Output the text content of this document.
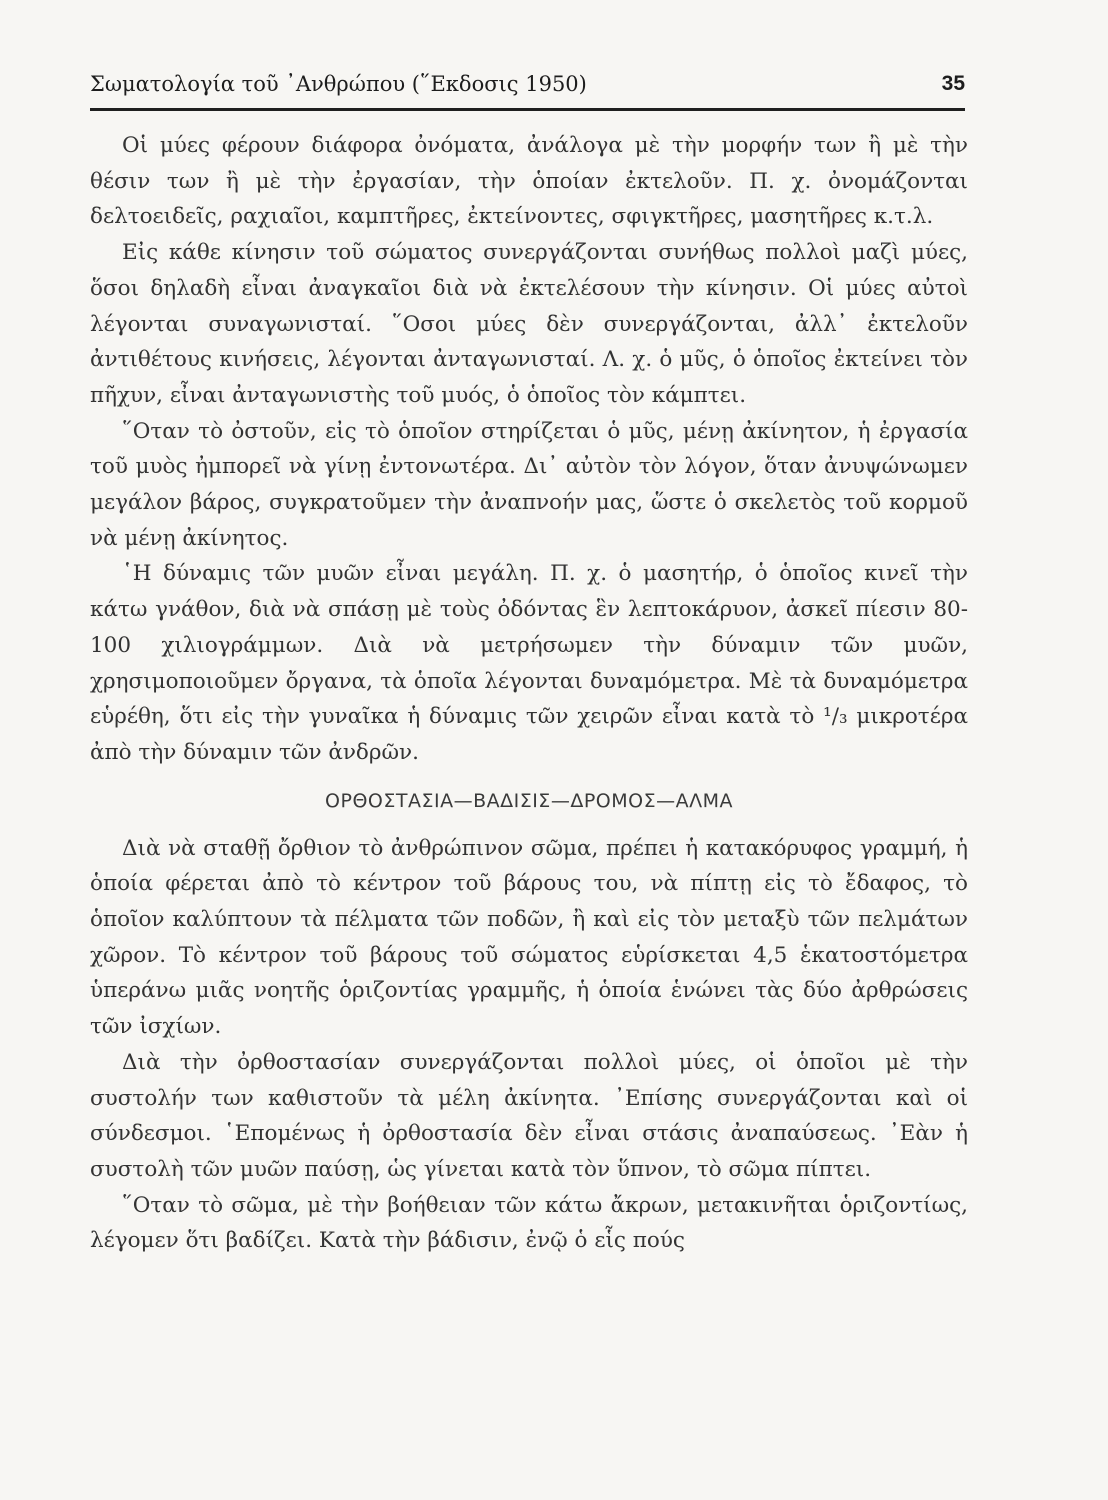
Σωματολογία τοῦ ᾿Ανθρώπου (῞Εκδοσις 1950)	35

Οἱ μύες φέρουν διάφορα ὀνόματα, ἀνάλογα μὲ τὴν μορφήν των ἢ μὲ τὴν θέσιν των ἢ μὲ τὴν ἐργασίαν, τὴν ὁποίαν ἐκτελοῦν. Π. χ. ὀνομάζονται δελτοειδεῖς, ραχιαῖοι, καμπτῆρες, ἐκτείνοντες, σφιγκτῆρες, μασητῆρες κ.τ.λ.

Εἰς κάθε κίνησιν τοῦ σώματος συνεργάζονται συνήθως πολλοὶ μαζὶ μύες, ὅσοι δηλαδὴ εἶναι ἀναγκαῖοι διὰ νὰ ἐκτελέσουν τὴν κίνησιν. Οἱ μύες αὐτοὶ λέγονται συναγωνισταί. ῞Οσοι μύες δὲν συνεργάζονται, ἀλλ᾿ ἐκτελοῦν ἀντιθέτους κινήσεις, λέγονται ἀνταγωνισταί. Λ. χ. ὁ μῦς, ὁ ὁποῖος ἐκτείνει τὸν πῆχυν, εἶναι ἀνταγωνιστὴς τοῦ μυός, ὁ ὁποῖος τὸν κάμπτει.

῞Οταν τὸ ὀστοῦν, εἰς τὸ ὁποῖον στηρίζεται ὁ μῦς, μένῃ ἀκίνητον, ἡ ἐργασία τοῦ μυὸς ἠμπορεῖ νὰ γίνῃ ἐντονωτέρα. Δι᾿ αὐτὸν τὸν λόγον, ὅταν ἀνυψώνωμεν μεγάλον βάρος, συγκρατοῦμεν τὴν ἀναπνοήν μας, ὥστε ὁ σκελετὸς τοῦ κορμοῦ νὰ μένῃ ἀκίνητος.

῾Η δύναμις τῶν μυῶν εἶναι μεγάλη. Π. χ. ὁ μασητήρ, ὁ ὁποῖος κινεῖ τὴν κάτω γνάθον, διὰ νὰ σπάσῃ μὲ τοὺς ὀδόντας ἓν λεπτοκάρυον, ἀσκεῖ πίεσιν 80-100 χιλιογράμμων. Διὰ νὰ μετρήσωμεν τὴν δύναμιν τῶν μυῶν, χρησιμοποιοῦμεν ὄργανα, τὰ ὁποῖα λέγονται δυναμόμετρα. Μὲ τὰ δυναμόμετρα εὑρέθη, ὅτι εἰς τὴν γυναῖκα ἡ δύναμις τῶν χειρῶν εἶναι κατὰ τὸ ¹/₃ μικροτέρα ἀπὸ τὴν δύναμιν τῶν ἀνδρῶν.

ΟΡΘΟΣΤΑΣΙΑ—ΒΑΔΙΣΙΣ—ΔΡΟΜΟΣ—ΑΛΜΑ

Διὰ νὰ σταθῇ ὄρθιον τὸ ἀνθρώπινον σῶμα, πρέπει ἡ κατακόρυφος γραμμή, ἡ ὁποία φέρεται ἀπὸ τὸ κέντρον τοῦ βάρους του, νὰ πίπτῃ εἰς τὸ ἔδαφος, τὸ ὁποῖον καλύπτουν τὰ πέλματα τῶν ποδῶν, ἢ καὶ εἰς τὸν μεταξὺ τῶν πελμάτων χῶρον. Τὸ κέντρον τοῦ βάρους τοῦ σώματος εὑρίσκεται 4,5 ἑκατοστόμετρα ὑπεράνω μιᾶς νοητῆς ὁριζοντίας γραμμῆς, ἡ ὁποία ἑνώνει τὰς δύο ἀρθρώσεις τῶν ἰσχίων.

Διὰ τὴν ὀρθοστασίαν συνεργάζονται πολλοὶ μύες, οἱ ὁποῖοι μὲ τὴν συστολήν των καθιστοῦν τὰ μέλη ἀκίνητα. ᾿Επίσης συνεργάζονται καὶ οἱ σύνδεσμοι. ῾Επομένως ἡ ὀρθοστασία δὲν εἶναι στάσις ἀναπαύσεως. ᾿Εὰν ἡ συστολὴ τῶν μυῶν παύσῃ, ὡς γίνεται κατὰ τὸν ὕπνον, τὸ σῶμα πίπτει.

῞Οταν τὸ σῶμα, μὲ τὴν βοήθειαν τῶν κάτω ἄκρων, μετακινῆται ὁριζοντίως, λέγομεν ὅτι βαδίζει. Κατὰ τὴν βάδισιν, ἐνῷ ὁ εἷς πούς
